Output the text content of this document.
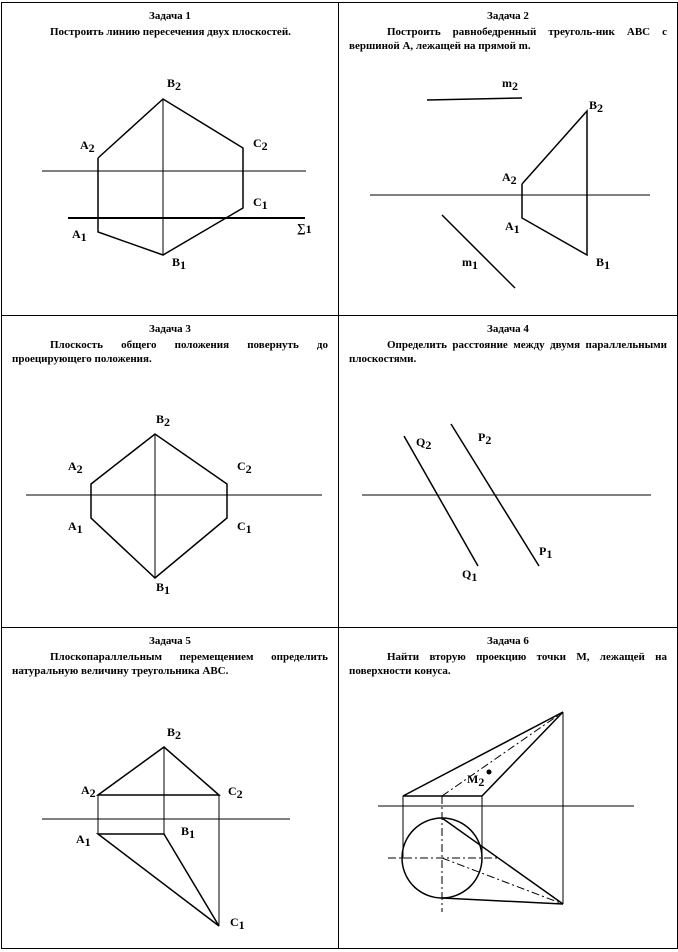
Задача 1
Построить линию пересечения двух плоскостей.
Задача 2
Построить равнобедренный треуголь-ник ABC с вершиной A, лежащей на прямой m.
Задача 3
Плоскость общего положения повернуть до проецирующего положения.
Задача 4
Определить расстояние между двумя параллельными плоскостями.
Задача 5
Плоскопараллельным перемещением определить натуральную величину треугольника ABC.
Задача 6
Найти вторую проекцию точки M, лежащей на поверхности конуса.
B2
A2	C2
C1
A1
B1
∑1
m2
B2
A2
A1
B1
m1
B2
A2	C2
A1	C1
B1
Q2
P2
P1
Q1
B2
A2	C2
A1
B1
C1
M2
